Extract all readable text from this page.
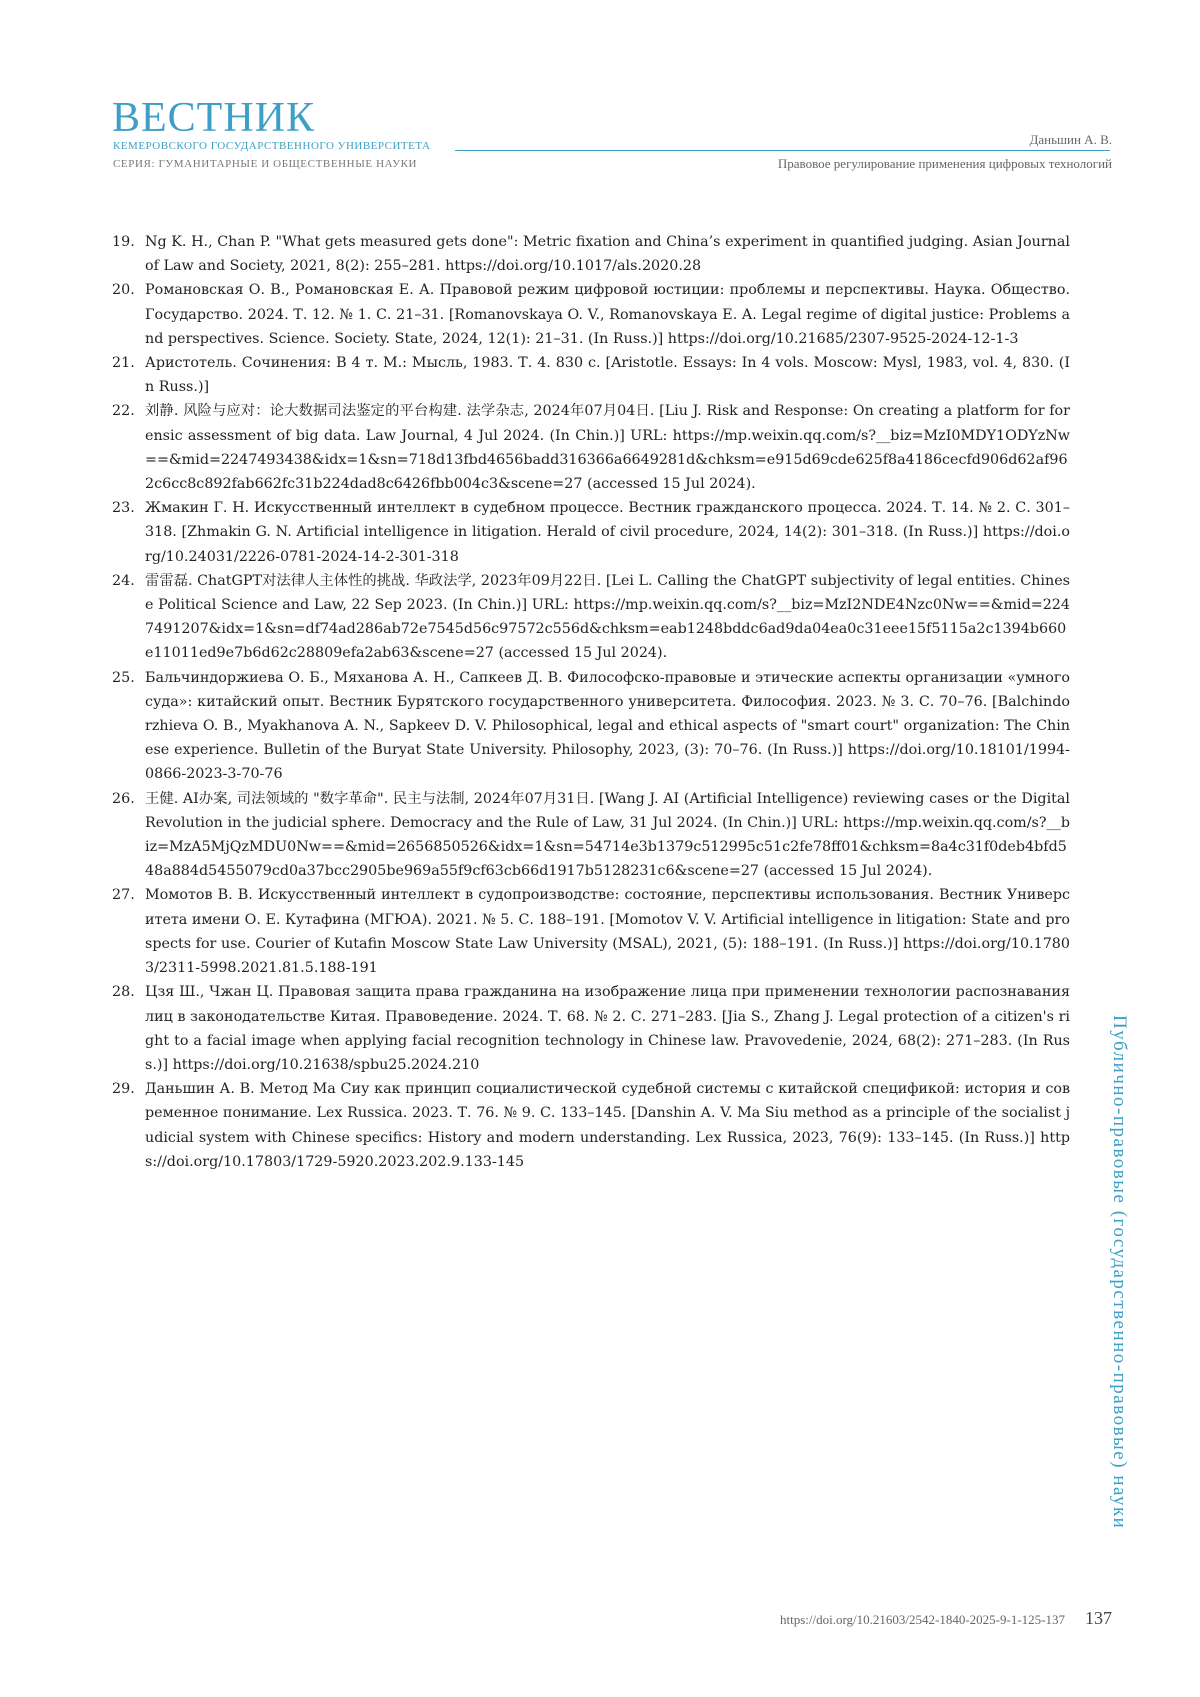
ВЕСТНИК

КЕМЕРОВСКОГО ГОСУДАРСТВЕННОГО УНИВЕРСИТЕТА

СЕРИЯ: ГУМАНИТАРНЫЕ И ОБЩЕСТВЕННЫЕ НАУКИ

Даньшин А. В.

Правовое регулирование применения цифровых технологий

19. Ng K. H., Chan P. "What gets measured gets done": Metric fixation and China’s experiment in quantified judging. Asian Journal of Law and Society, 2021, 8(2): 255–281. https://doi.org/10.1017/als.2020.28
20. Романовская О. В., Романовская Е. А. Правовой режим цифровой юстиции: проблемы и перспективы. Наука. Общество. Государство. 2024. Т. 12. № 1. С. 21–31. [Romanovskaya O. V., Romanovskaya E. A. Legal regime of digital justice: Problems and perspectives. Science. Society. State, 2024, 12(1): 21–31. (In Russ.)] https://doi.org/10.21685/2307-9525-2024-12-1-3
21. Аристотель. Сочинения: В 4 т. М.: Мысль, 1983. Т. 4. 830 с. [Aristotle. Essays: In 4 vols. Moscow: Mysl, 1983, vol. 4, 830. (In Russ.)]
22. 刘静. 风险与应对：论大数据司法鉴定的平台构建. 法学杂志, 2024年07月04日. [Liu J. Risk and Response: On creating a platform for forensic assessment of big data. Law Journal, 4 Jul 2024. (In Chin.)] URL: https://mp.weixin.qq.com/s?__biz=MzI0MDY1ODYzNw==&mid=2247493438&idx=1&sn=718d13fbd4656badd316366a6649281d&chksm=e915d69cde625f8a4186cecfd906d62af962c6cc8c892fab662fc31b224dad8c6426fbb004c3&scene=27 (accessed 15 Jul 2024).
23. Жмакин Г. Н. Искусственный интеллект в судебном процессе. Вестник гражданского процесса. 2024. Т. 14. № 2. С. 301–318. [Zhmakin G. N. Artificial intelligence in litigation. Herald of civil procedure, 2024, 14(2): 301–318. (In Russ.)] https://doi.org/10.24031/2226-0781-2024-14-2-301-318
24. 雷雷磊. ChatGPT对法律人主体性的挑战. 华政法学, 2023年09月22日. [Lei L. Calling the ChatGPT subjectivity of legal entities. Chinese Political Science and Law, 22 Sep 2023. (In Chin.)] URL: https://mp.weixin.qq.com/s?__biz=MzI2NDE4Nzc0Nw==&mid=2247491207&idx=1&sn=df74ad286ab72e7545d56c97572c556d&chksm=eab1248bddc6ad9da04ea0c31eee15f5115a2c1394b660e11011ed9e7b6d62c28809efa2ab63&scene=27 (accessed 15 Jul 2024).
25. Бальчиндоржиева О. Б., Мяханова А. Н., Сапкеев Д. В. Философско-правовые и этические аспекты организации «умного суда»: китайский опыт. Вестник Бурятского государственного университета. Философия. 2023. № 3. С. 70–76. [Balchindorzhieva O. B., Myakhanova A. N., Sapkeev D. V. Philosophical, legal and ethical aspects of "smart court" organization: The Chinese experience. Bulletin of the Buryat State University. Philosophy, 2023, (3): 70–76. (In Russ.)] https://doi.org/10.18101/1994-0866-2023-3-70-76
26. 王健. AI办案, 司法领域的 "数字革命". 民主与法制, 2024年07月31日. [Wang J. AI (Artificial Intelligence) reviewing cases or the Digital Revolution in the judicial sphere. Democracy and the Rule of Law, 31 Jul 2024. (In Chin.)] URL: https://mp.weixin.qq.com/s?__biz=MzA5MjQzMDU0Nw==&mid=2656850526&idx=1&sn=54714e3b1379c512995c51c2fe78ff01&chksm=8a4c31f0deb4bfd548a884d5455079cd0a37bcc2905be969a55f9cf63cb66d1917b5128231c6&scene=27 (accessed 15 Jul 2024).
27. Момотов В. В. Искусственный интеллект в судопроизводстве: состояние, перспективы использования. Вестник Университета имени О. Е. Кутафина (МГЮА). 2021. № 5. С. 188–191. [Momotov V. V. Artificial intelligence in litigation: State and prospects for use. Courier of Kutafin Moscow State Law University (MSAL), 2021, (5): 188–191. (In Russ.)] https://doi.org/10.17803/2311-5998.2021.81.5.188-191
28. Цзя Ш., Чжан Ц. Правовая защита права гражданина на изображение лица при применении технологии распознавания лиц в законодательстве Китая. Правоведение. 2024. Т. 68. № 2. С. 271–283. [Jia S., Zhang J. Legal protection of a citizen's right to a facial image when applying facial recognition technology in Chinese law. Pravovedenie, 2024, 68(2): 271–283. (In Russ.)] https://doi.org/10.21638/spbu25.2024.210
29. Даньшин А. В. Метод Ма Сиу как принцип социалистической судебной системы с китайской спецификой: история и современное понимание. Lex Russica. 2023. Т. 76. № 9. С. 133–145. [Danshin A. V. Ma Siu method as a principle of the socialist judicial system with Chinese specifics: History and modern understanding. Lex Russica, 2023, 76(9): 133–145. (In Russ.)] https://doi.org/10.17803/1729-5920.2023.202.9.133-145	Публично-правовые (государственно-правовые) науки

https://doi.org/10.21603/2542-1840-2025-9-1-125-137 137
